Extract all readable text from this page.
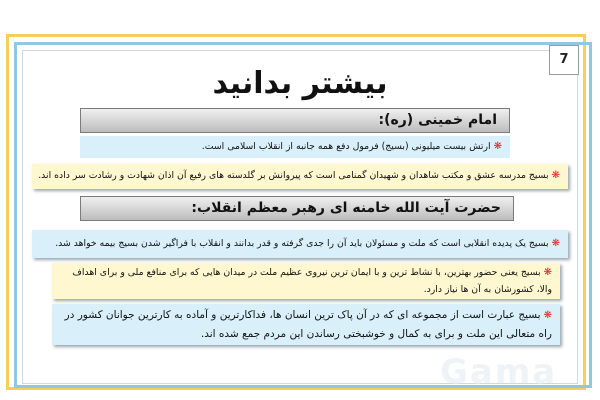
7
بیشتر بدانید
امام خمینی (ره):
❋ارتش بیست میلیونی (بسیج) فرمول دفع همه جانبه از انقلاب اسلامی است.
❋بسیج مدرسه عشق و مکتب شاهدان و شهیدان گمنامی است که پیروانش بر گلدسته های رفیع آن اذان شهادت و رشادت سر داده اند.
حضرت آیت الله خامنه ای رهبر معظم انقلاب:
❋بسیج یک پدیده انقلابی است که ملت و مسئولان باید آن را جدی گرفته و قدر بدانند و انقلاب با فراگیر شدن بسیج بیمه خواهد شد.
❋بسیج یعنی حضور بهترین، با نشاط ترین و با ایمان ترین نیروی عظیم ملت در میدان هایی که برای منافع ملی و برای اهداف والا، کشورشان به آن ها نیاز دارد.
❋بسیج عبارت است از مجموعه ای که در آن پاک ترین انسان ها، فداکارترین و آماده به کارترین جوانان کشور در راه متعالی این ملت و برای به کمال و خوشبختی رساندن این مردم جمع شده اند.
Gama
